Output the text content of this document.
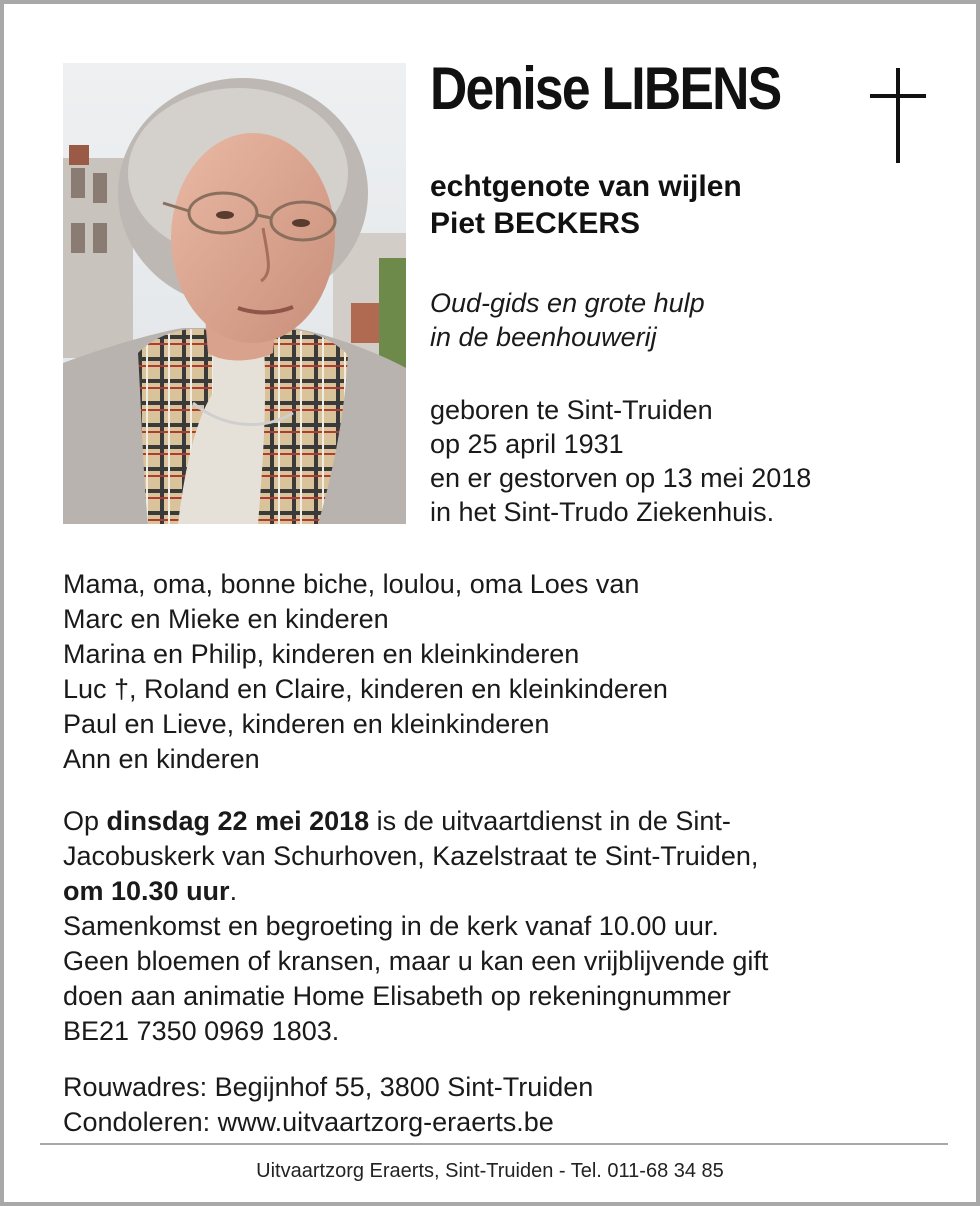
Denise LIBENS
echtgenote van wijlen
Piet BECKERS
Oud-gids en grote hulp
in de beenhouwerij
geboren te Sint-Truiden
op 25 april 1931
en er gestorven op 13 mei 2018
in het Sint-Trudo Ziekenhuis.
Mama, oma, bonne biche, loulou, oma Loes van
Marc en Mieke en kinderen
Marina en Philip, kinderen en kleinkinderen
Luc †, Roland en Claire, kinderen en kleinkinderen
Paul en Lieve, kinderen en kleinkinderen
Ann en kinderen
Op dinsdag 22 mei 2018 is de uitvaartdienst in de Sint-
Jacobuskerk van Schurhoven, Kazelstraat te Sint-Truiden,
om 10.30 uur.
Samenkomst en begroeting in de kerk vanaf 10.00 uur.
Geen bloemen of kransen, maar u kan een vrijblijvende gift
doen aan animatie Home Elisabeth op rekeningnummer
BE21 7350 0969 1803.
Rouwadres: Begijnhof 55, 3800 Sint-Truiden
Condoleren: www.uitvaartzorg-eraerts.be
Uitvaartzorg Eraerts, Sint-Truiden - Tel. 011-68 34 85
